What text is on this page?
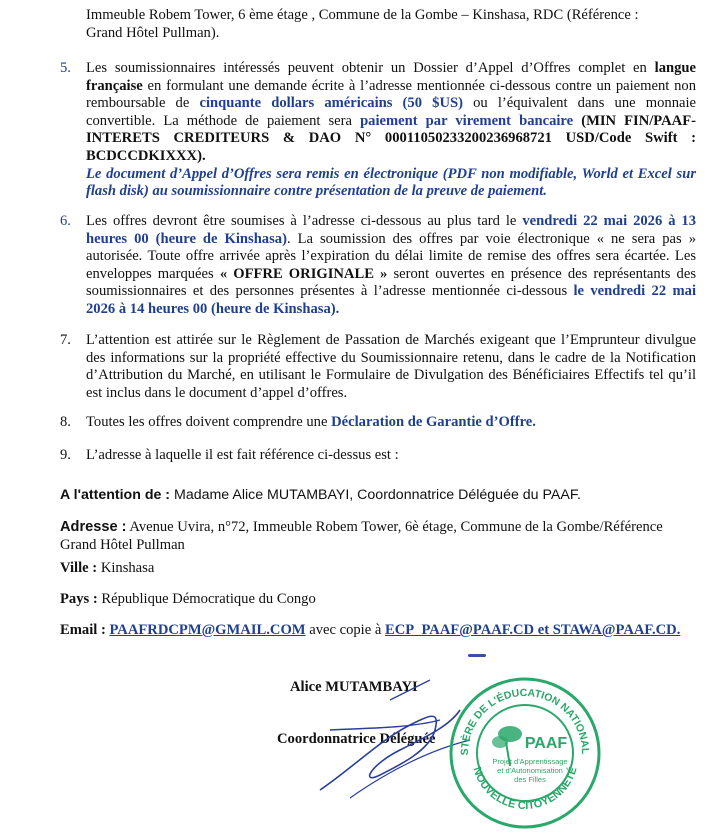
Immeuble Robem Tower, 6 ème étage , Commune de la Gombe – Kinshasa, RDC (Référence :
Grand Hôtel Pullman).
5. Les soumissionnaires intéressés peuvent obtenir un Dossier d’Appel d’Offres complet en langue française en formulant une demande écrite à l’adresse mentionnée ci-dessous contre un paiement non remboursable de cinquante dollars américains (50 $US) ou l’équivalent dans une monnaie convertible. La méthode de paiement sera paiement par virement bancaire (MIN FIN/PAAF-INTERETS CREDITEURS & DAO N° 00011050233200236968721 USD/Code Swift : BCDCCDKIXXX).
Le document d’Appel d’Offres sera remis en électronique (PDF non modifiable, World et Excel sur flash disk) au soumissionnaire contre présentation de la preuve de paiement.
6. Les offres devront être soumises à l’adresse ci-dessous au plus tard le vendredi 22 mai 2026 à 13 heures 00 (heure de Kinshasa). La soumission des offres par voie électronique « ne sera pas » autorisée. Toute offre arrivée après l’expiration du délai limite de remise des offres sera écartée. Les enveloppes marquées « OFFRE ORIGINALE » seront ouvertes en présence des représentants des soumissionnaires et des personnes présentes à l’adresse mentionnée ci-dessous le vendredi 22 mai 2026 à 14 heures 00 (heure de Kinshasa).
7. L’attention est attirée sur le Règlement de Passation de Marchés exigeant que l’Emprunteur divulgue des informations sur la propriété effective du Soumissionnaire retenu, dans le cadre de la Notification d’Attribution du Marché, en utilisant le Formulaire de Divulgation des Bénéficiaires Effectifs tel qu’il est inclus dans le document d’appel d’offres.
8. Toutes les offres doivent comprendre une Déclaration de Garantie d’Offre.
9. L’adresse à laquelle il est fait référence ci-dessus est :
A l'attention de : Madame Alice MUTAMBAYI, Coordonnatrice Déléguée du PAAF.
Adresse : Avenue Uvira, n°72, Immeuble Robem Tower, 6è étage, Commune de la Gombe/Référence Grand Hôtel Pullman
Ville : Kinshasa
Pays : République Démocratique du Congo
Email : PAAFRDCPM@GMAIL.COM avec copie à ECP_PAAF@PAAF.CD et STAWA@PAAF.CD.
Alice MUTAMBAYI
Coordonnatrice Déléguée
STÈRE DE L'ÉDUCATION NATIONAL
NOUVELLE CITOYENNETÉ
PAAF
Projet d'Apprentissage
et d'Autonomisation
des Filles
